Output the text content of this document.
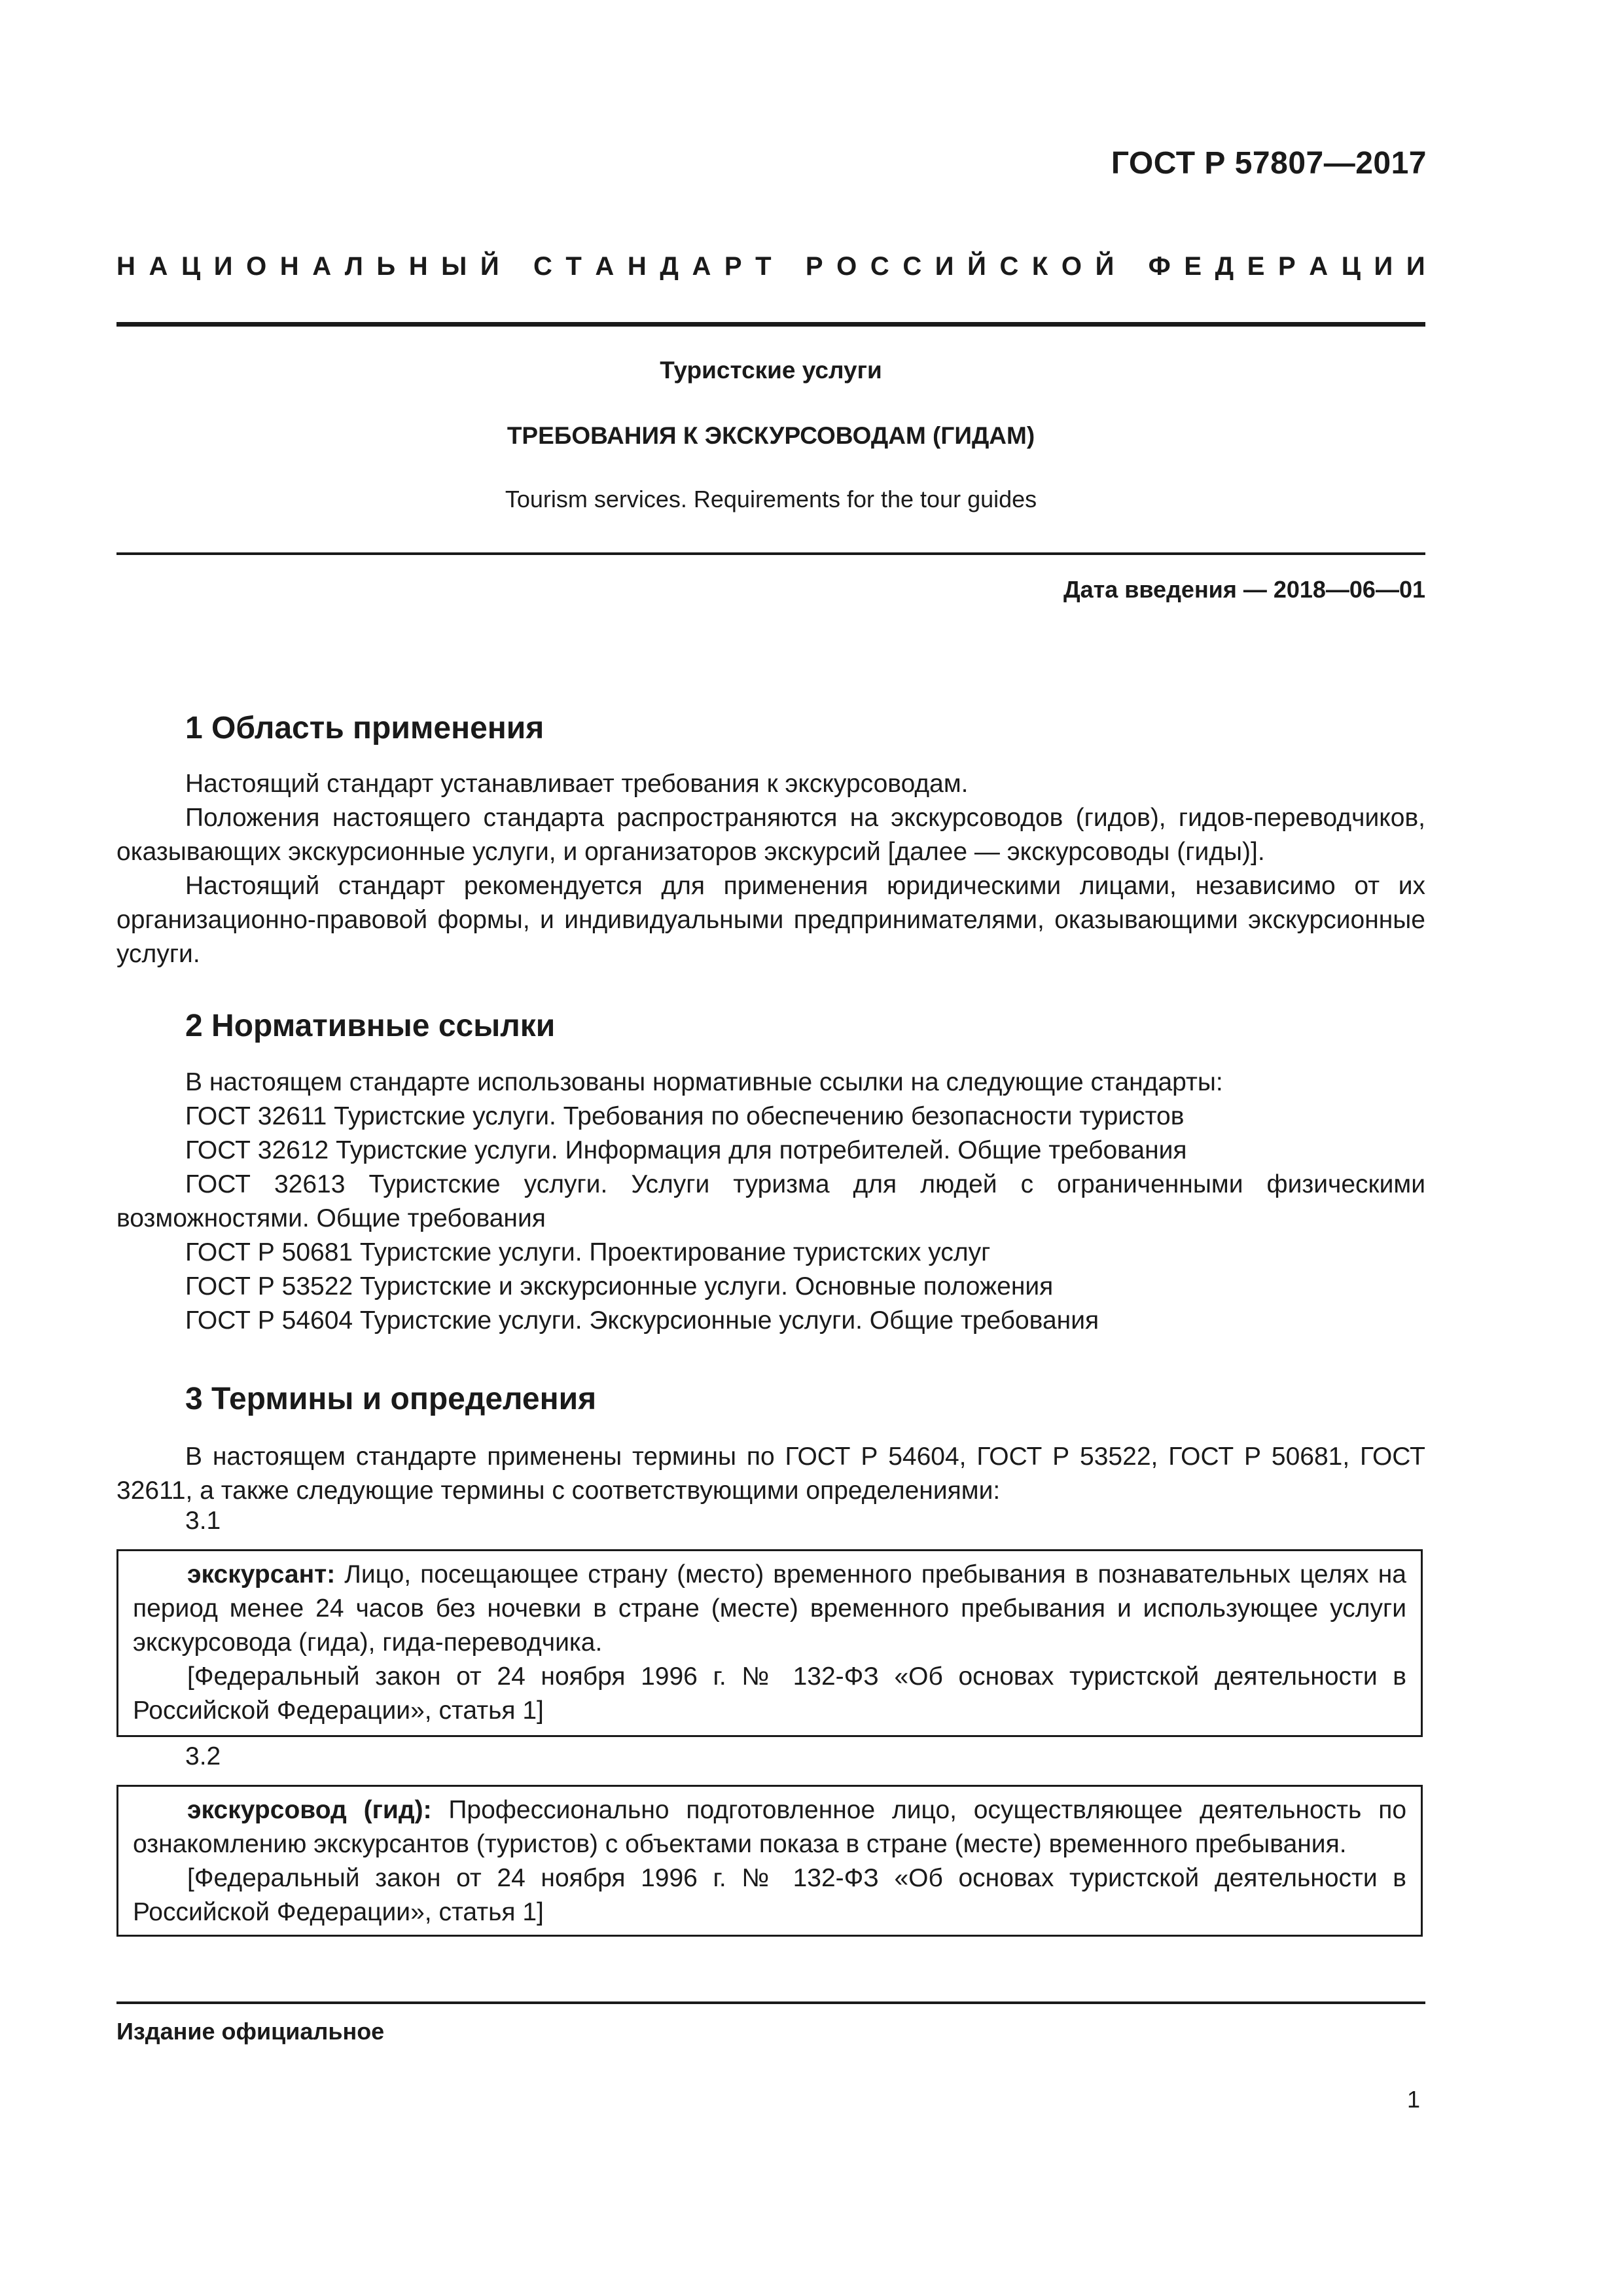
ГОСТ Р 57807—2017
Н А Ц И О Н А Л Ь Н Ы Й
С Т А Н Д А Р Т
Р О С С И Й С К О Й
Ф Е Д Е Р А Ц И И
Туристские услуги
ТРЕБОВАНИЯ К ЭКСКУРСОВОДАМ (ГИДАМ)
Tourism services. Requirements for the tour guides
Дата введения — 2018—06—01
1 Область применения

Настоящий стандарт устанавливает требования к экскурсоводам.

Положения настоящего стандарта распространяются на экскурсоводов (гидов), гидов-переводчиков, оказывающих экскурсионные услуги, и организаторов экскурсий [далее — экскурсоводы (гиды)].

Настоящий стандарт рекомендуется для применения юридическими лицами, независимо от их организационно-правовой формы, и индивидуальными предпринимателями, оказывающими экскурсионные услуги.

2 Нормативные ссылки

В настоящем стандарте использованы нормативные ссылки на следующие стандарты:

ГОСТ 32611 Туристские услуги. Требования по обеспечению безопасности туристов

ГОСТ 32612 Туристские услуги. Информация для потребителей. Общие требования

ГОСТ 32613 Туристские услуги. Услуги туризма для людей с ограниченными физическими возможностями. Общие требования

ГОСТ Р 50681 Туристские услуги. Проектирование туристских услуг

ГОСТ Р 53522 Туристские и экскурсионные услуги. Основные положения

ГОСТ Р 54604 Туристские услуги. Экскурсионные услуги. Общие требования

3 Термины и определения

В настоящем стандарте применены термины по ГОСТ Р 54604, ГОСТ Р 53522, ГОСТ Р 50681, ГОСТ 32611, а также следующие термины с соответствующими определениями:

3.1

экскурсант: Лицо, посещающее страну (место) временного пребывания в познавательных целях на период менее 24 часов без ночевки в стране (месте) временного пребывания и использующее услуги экскурсовода (гида), гида-переводчика.

[Федеральный закон от 24 ноября 1996 г. № 132-ФЗ «Об основах туристской деятельности в Российской Федерации», статья 1]

3.2

экскурсовод (гид): Профессионально подготовленное лицо, осуществляющее деятельность по ознакомлению экскурсантов (туристов) с объектами показа в стране (месте) временного пребывания.

[Федеральный закон от 24 ноября 1996 г. № 132-ФЗ «Об основах туристской деятельности в Российской Федерации», статья 1]

Издание официальное
1
